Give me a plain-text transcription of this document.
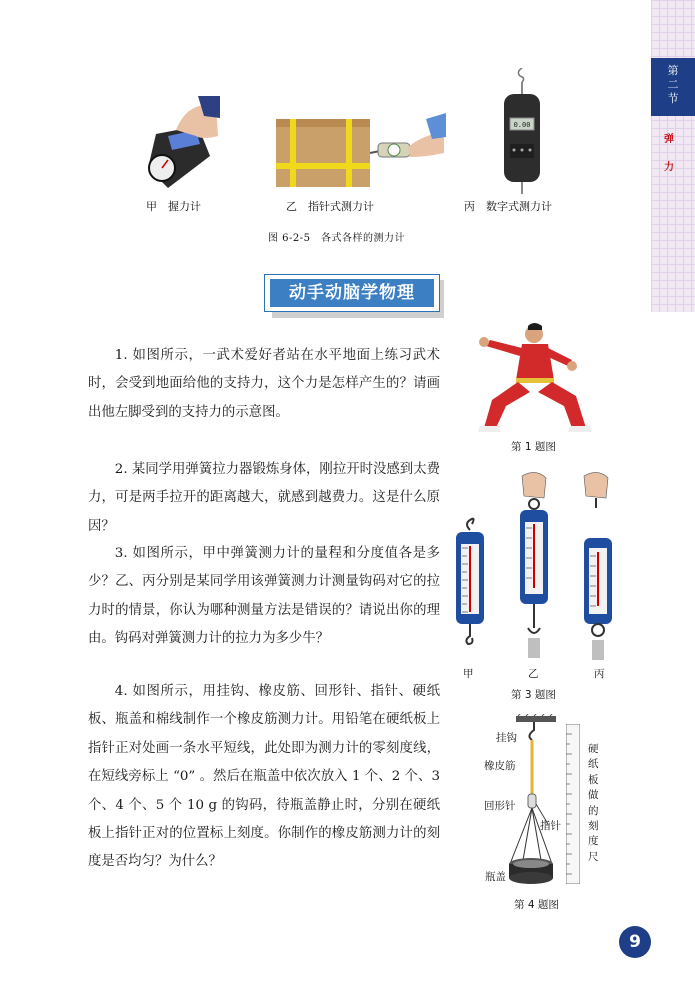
第
二
节
弹
力
0.00
甲　握力计	乙　指针式测力计	丙　数字式测力计
图 6-2-5　各式各样的测力计
动手动脑学物理

1. 如图所示，一武术爱好者站在水平地面上练习武术时，会受到地面给他的支持力，这个力是怎样产生的？请画出他左脚受到的支持力的示意图。

2. 某同学用弹簧拉力器锻炼身体，刚拉开时没感到太费力，可是两手拉开的距离越大，就感到越费力。这是什么原因？

3. 如图所示，甲中弹簧测力计的量程和分度值各是多少？乙、丙分别是某同学用该弹簧测力计测量钩码对它的拉力时的情景，你认为哪种测量方法是错误的？请说出你的理由。钩码对弹簧测力计的拉力为多少牛？

4. 如图所示，用挂钩、橡皮筋、回形针、指针、硬纸板、瓶盖和棉线制作一个橡皮筋测力计。用铅笔在硬纸板上指针正对处画一条水平短线，此处即为测力计的零刻度线，在短线旁标上 “0” 。然后在瓶盖中依次放入 1 个、2 个、3 个、4 个、5 个 10 g 的钩码，待瓶盖静止时，分别在硬纸板上指针正对的位置标上刻度。你制作的橡皮筋测力计的刻度是否均匀？为什么？

第 1 题图
甲	乙	丙
第 3 题图
挂钩
橡皮筋
回形针
指针
瓶盖
硬
纸
板
做
的
刻
度
尺
第 4 题图
9
